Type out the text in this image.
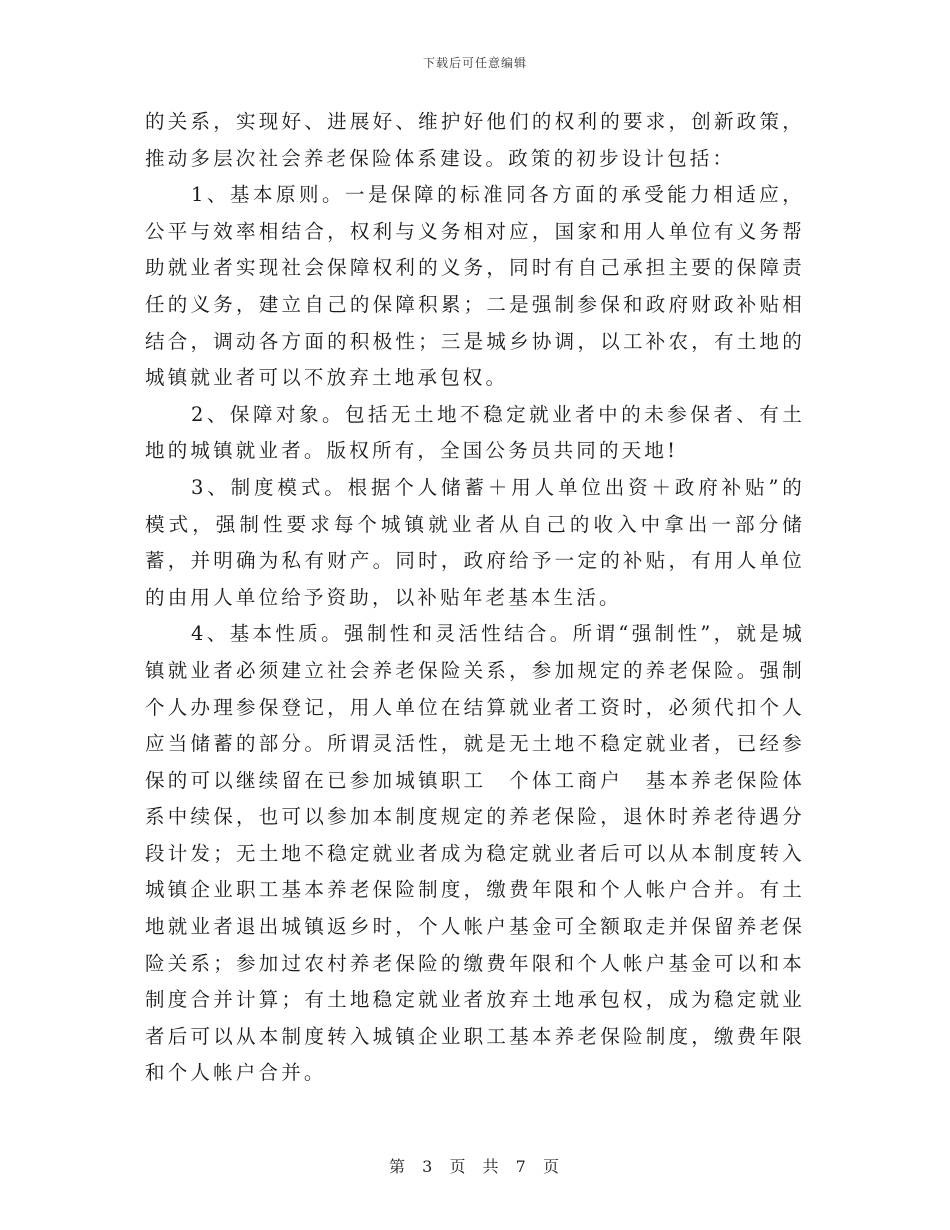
下载后可任意编辑

的关系，实现好、进展好、维护好他们的权利的要求，创新政策，推动多层次社会养老保险体系建设。政策的初步设计包括：

1、基本原则。一是保障的标准同各方面的承受能力相适应，公平与效率相结合，权利与义务相对应，国家和用人单位有义务帮助就业者实现社会保障权利的义务，同时有自己承担主要的保障责任的义务，建立自己的保障积累；二是强制参保和政府财政补贴相结合，调动各方面的积极性；三是城乡协调，以工补农，有土地的城镇就业者可以不放弃土地承包权。

2、保障对象。包括无土地不稳定就业者中的未参保者、有土地的城镇就业者。版权所有，全国公务员共同的天地!

3、制度模式。根据个人储蓄＋用人单位出资＋政府补贴”的模式，强制性要求每个城镇就业者从自己的收入中拿出一部分储蓄，并明确为私有财产。同时，政府给予一定的补贴，有用人单位的由用人单位给予资助，以补贴年老基本生活。

4、基本性质。强制性和灵活性结合。所谓“强制性”，就是城镇就业者必须建立社会养老保险关系，参加规定的养老保险。强制个人办理参保登记，用人单位在结算就业者工资时，必须代扣个人应当储蓄的部分。所谓灵活性，就是无土地不稳定就业者，已经参保的可以继续留在已参加城镇职工　个体工商户　基本养老保险体系中续保，也可以参加本制度规定的养老保险，退休时养老待遇分段计发；无土地不稳定就业者成为稳定就业者后可以从本制度转入城镇企业职工基本养老保险制度，缴费年限和个人帐户合并。有土地就业者退出城镇返乡时，个人帐户基金可全额取走并保留养老保险关系；参加过农村养老保险的缴费年限和个人帐户基金可以和本制度合并计算；有土地稳定就业者放弃土地承包权，成为稳定就业者后可以从本制度转入城镇企业职工基本养老保险制度，缴费年限和个人帐户合并。

第 3 页 共 7 页
